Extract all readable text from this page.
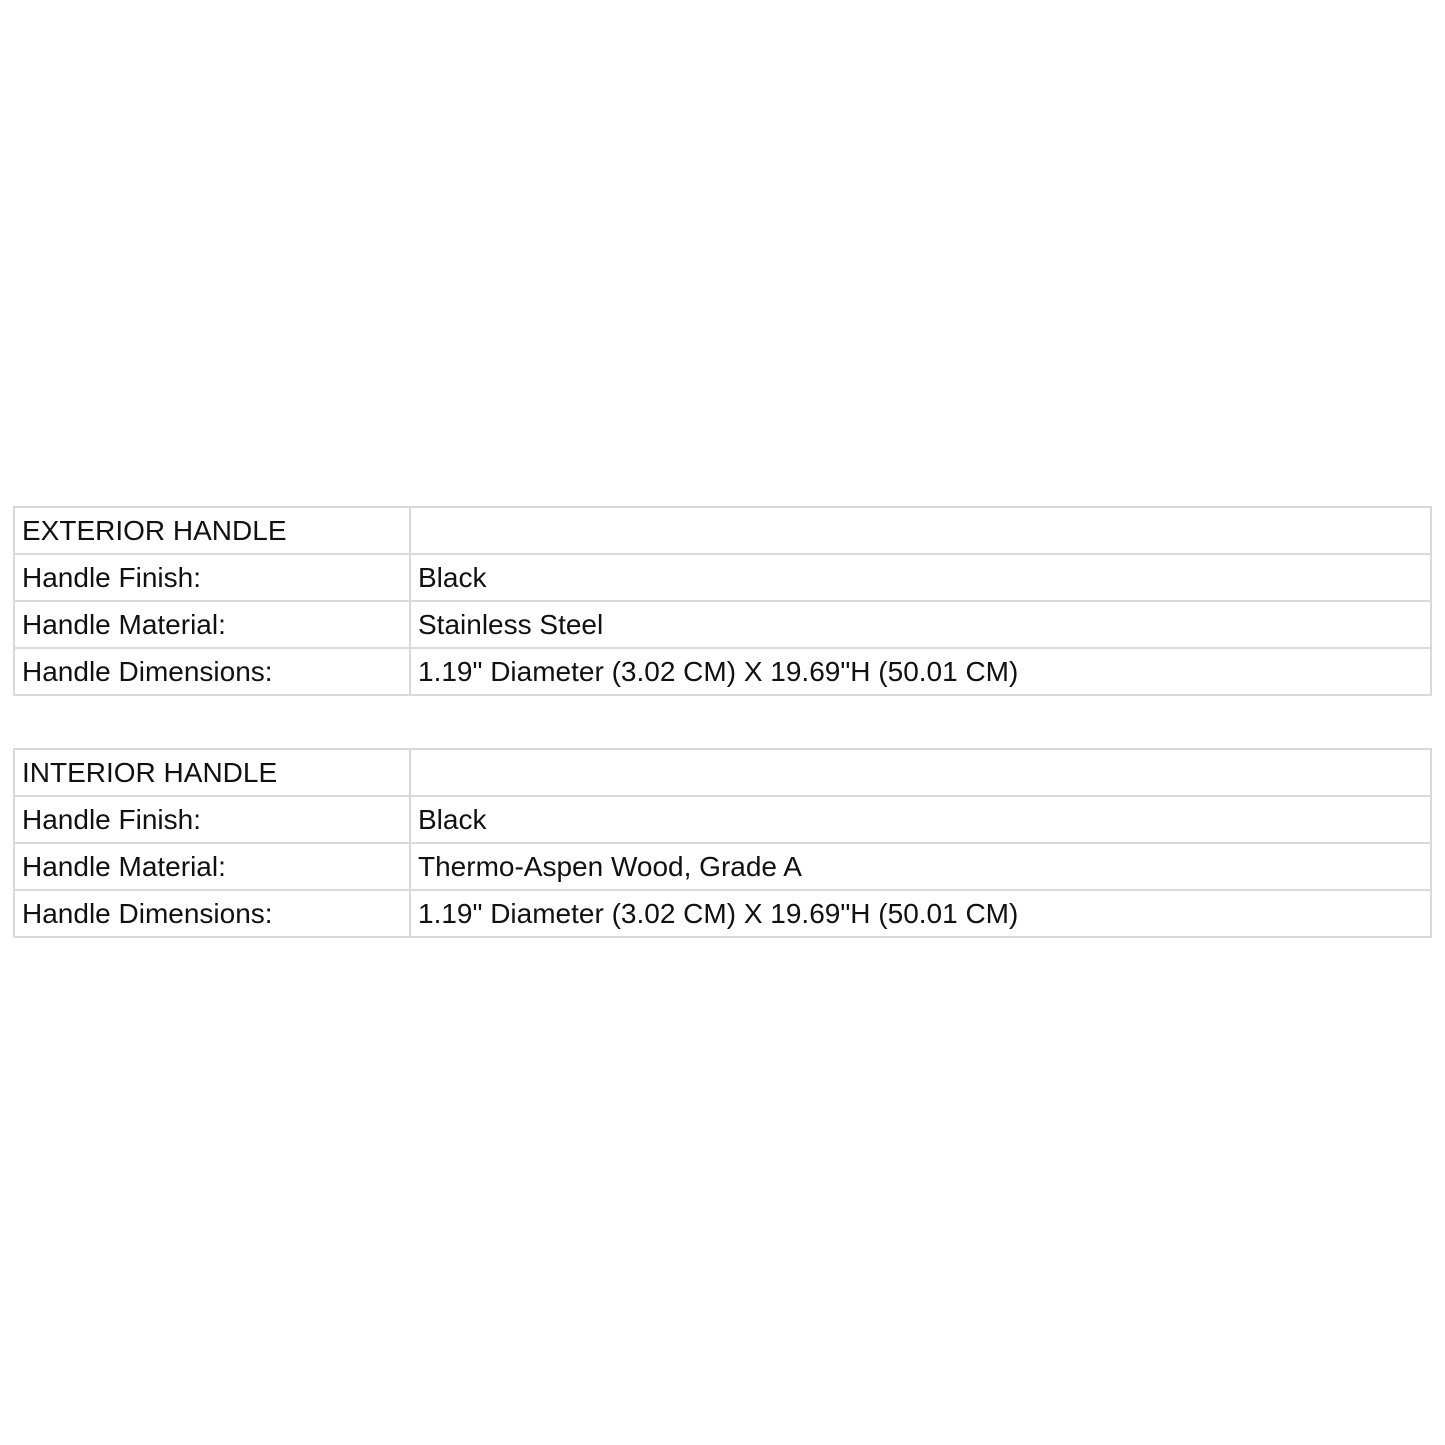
EXTERIOR HANDLE	
Handle Finish:	Black
Handle Material:	Stainless Steel
Handle Dimensions:	1.19" Diameter (3.02 CM) X 19.69"H (50.01 CM)
INTERIOR HANDLE	
Handle Finish:	Black
Handle Material:	Thermo-Aspen Wood, Grade A
Handle Dimensions:	1.19" Diameter (3.02 CM) X 19.69"H (50.01 CM)
